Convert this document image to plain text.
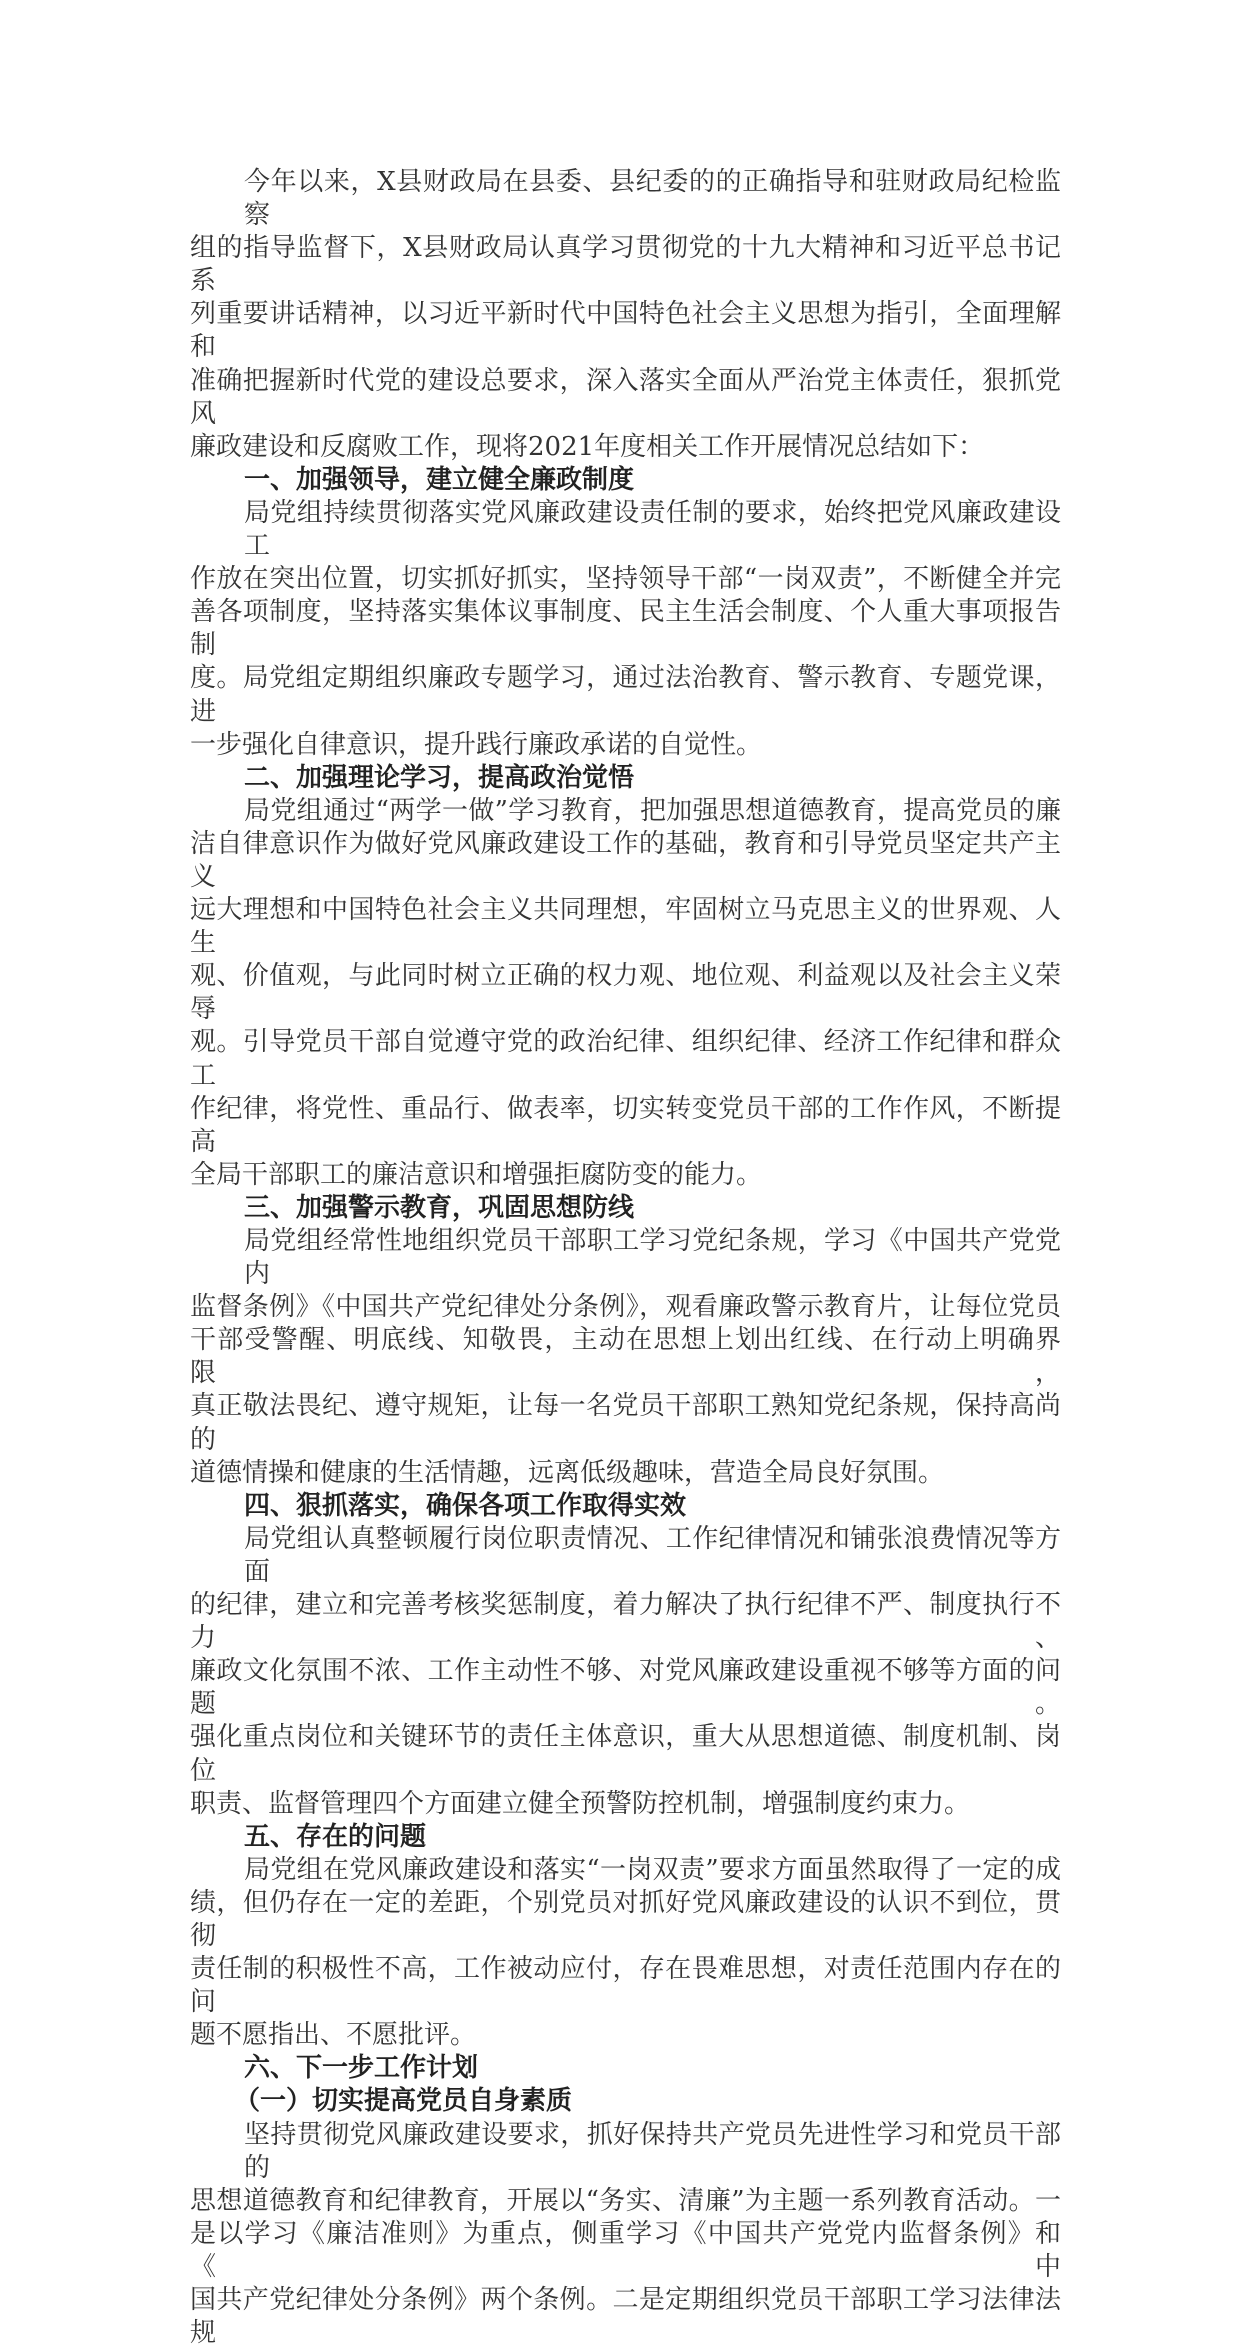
今年以来，X县财政局在县委、县纪委的的正确指导和驻财政局纪检监察
组的指导监督下，X县财政局认真学习贯彻党的十九大精神和习近平总书记系
列重要讲话精神，以习近平新时代中国特色社会主义思想为指引，全面理解和
准确把握新时代党的建设总要求，深入落实全面从严治党主体责任，狠抓党风
廉政建设和反腐败工作，现将2021年度相关工作开展情况总结如下：
一、加强领导，建立健全廉政制度
局党组持续贯彻落实党风廉政建设责任制的要求，始终把党风廉政建设工
作放在突出位置，切实抓好抓实，坚持领导干部“一岗双责”，不断健全并完
善各项制度，坚持落实集体议事制度、民主生活会制度、个人重大事项报告制
度。局党组定期组织廉政专题学习，通过法治教育、警示教育、专题党课，进
一步强化自律意识，提升践行廉政承诺的自觉性。
二、加强理论学习，提高政治觉悟
局党组通过“两学一做”学习教育，把加强思想道德教育，提高党员的廉
洁自律意识作为做好党风廉政建设工作的基础，教育和引导党员坚定共产主义
远大理想和中国特色社会主义共同理想，牢固树立马克思主义的世界观、人生
观、价值观，与此同时树立正确的权力观、地位观、利益观以及社会主义荣辱
观。引导党员干部自觉遵守党的政治纪律、组织纪律、经济工作纪律和群众工
作纪律，将党性、重品行、做表率，切实转变党员干部的工作作风，不断提高
全局干部职工的廉洁意识和增强拒腐防变的能力。
三、加强警示教育，巩固思想防线
局党组经常性地组织党员干部职工学习党纪条规，学习《中国共产党党内
监督条例》《中国共产党纪律处分条例》，观看廉政警示教育片，让每位党员
干部受警醒、明底线、知敬畏，主动在思想上划出红线、在行动上明确界限，
真正敬法畏纪、遵守规矩，让每一名党员干部职工熟知党纪条规，保持高尚的
道德情操和健康的生活情趣，远离低级趣味，营造全局良好氛围。
四、狠抓落实，确保各项工作取得实效
局党组认真整顿履行岗位职责情况、工作纪律情况和铺张浪费情况等方面
的纪律，建立和完善考核奖惩制度，着力解决了执行纪律不严、制度执行不力、
廉政文化氛围不浓、工作主动性不够、对党风廉政建设重视不够等方面的问题。
强化重点岗位和关键环节的责任主体意识，重大从思想道德、制度机制、岗位
职责、监督管理四个方面建立健全预警防控机制，增强制度约束力。
五、存在的问题
局党组在党风廉政建设和落实“一岗双责”要求方面虽然取得了一定的成
绩，但仍存在一定的差距，个别党员对抓好党风廉政建设的认识不到位，贯彻
责任制的积极性不高，工作被动应付，存在畏难思想，对责任范围内存在的问
题不愿指出、不愿批评。
六、下一步工作计划
（一）切实提高党员自身素质
坚持贯彻党风廉政建设要求，抓好保持共产党员先进性学习和党员干部的
思想道德教育和纪律教育，开展以“务实、清廉”为主题一系列教育活动。一
是以学习《廉洁准则》为重点，侧重学习《中国共产党党内监督条例》和《中
国共产党纪律处分条例》两个条例。二是定期组织党员干部职工学习法律法规
